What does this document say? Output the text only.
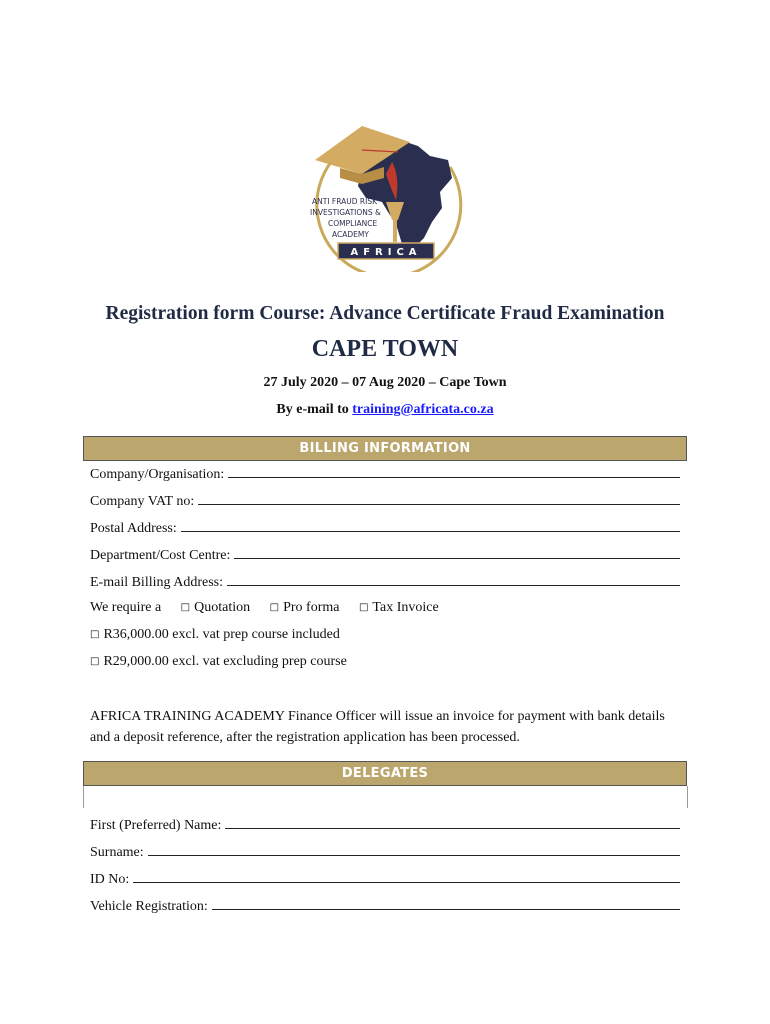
ANTI FRAUD RISK
INVESTIGATIONS &
COMPLIANCE
ACADEMY
AFRICA
Registration form Course: Advance Certificate Fraud Examination
CAPE TOWN
27 July 2020 – 07 Aug 2020 – Cape Town
By e-mail to training@africata.co.za
BILLING INFORMATION
Company/Organisation:
Company VAT no:
Postal Address:
Department/Cost Centre:
E-mail Billing Address:
We require a □ Quotation □ Pro forma □ Tax Invoice
□ R36,000.00 excl. vat prep course included
□ R29,000.00 excl. vat excluding prep course
AFRICA TRAINING ACADEMY Finance Officer will issue an invoice for payment with bank details and a deposit reference, after the registration application has been processed.
DELEGATES
First (Preferred) Name:
Surname:
ID No:
Vehicle Registration:
